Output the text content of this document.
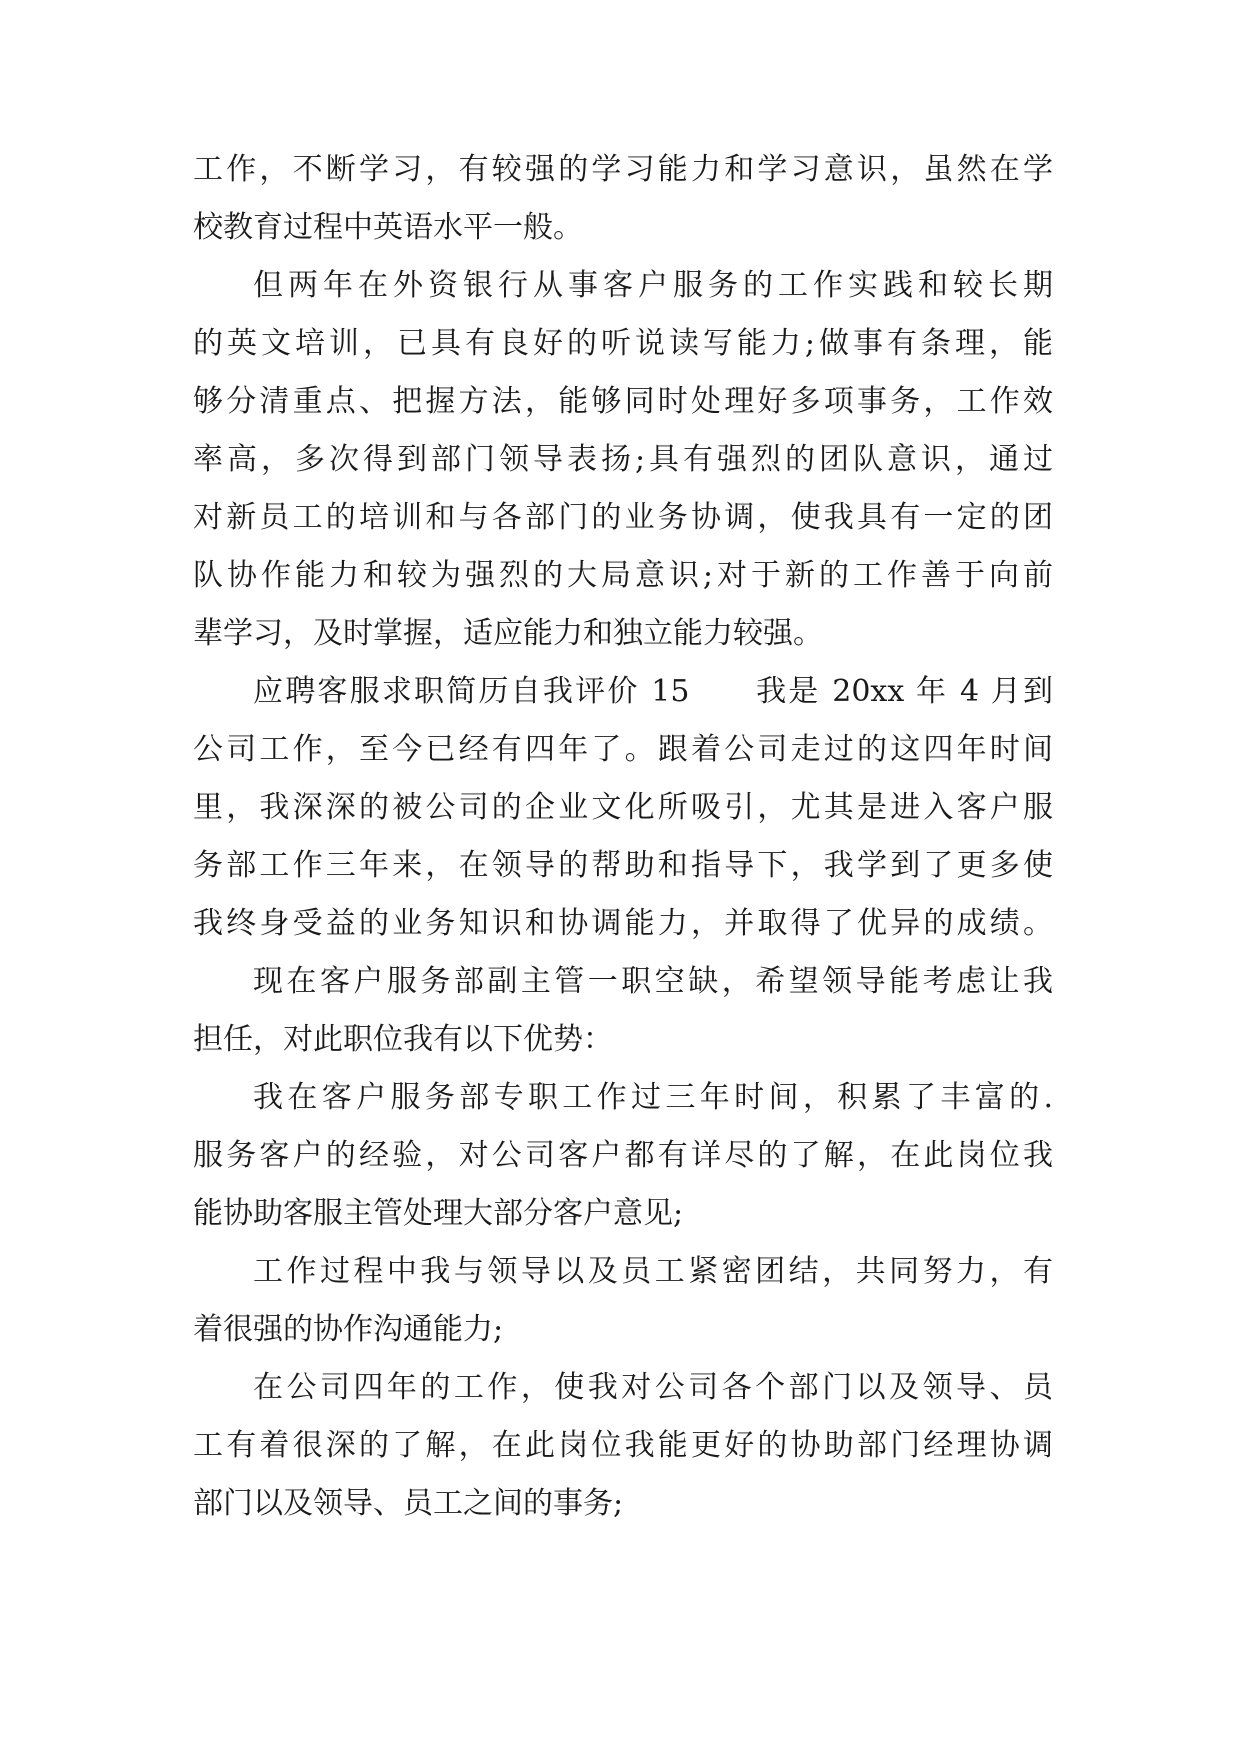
工作，不断学习，有较强的学习能力和学习意识，虽然在学
校教育过程中英语水平一般。
但两年在外资银行从事客户服务的工作实践和较长期
的英文培训，已具有良好的听说读写能力;做事有条理，能
够分清重点、把握方法，能够同时处理好多项事务，工作效
率高，多次得到部门领导表扬;具有强烈的团队意识，通过
对新员工的培训和与各部门的业务协调，使我具有一定的团
队协作能力和较为强烈的大局意识;对于新的工作善于向前
辈学习，及时掌握，适应能力和独立能力较强。
应聘客服求职简历自我评价 15　　我是 20xx 年 4 月到
公司工作，至今已经有四年了。跟着公司走过的这四年时间
里，我深深的被公司的企业文化所吸引，尤其是进入客户服
务部工作三年来，在领导的帮助和指导下，我学到了更多使
我终身受益的业务知识和协调能力，并取得了优异的成绩。
现在客户服务部副主管一职空缺，希望领导能考虑让我
担任，对此职位我有以下优势：
我在客户服务部专职工作过三年时间，积累了丰富的.
服务客户的经验，对公司客户都有详尽的了解，在此岗位我
能协助客服主管处理大部分客户意见;
工作过程中我与领导以及员工紧密团结，共同努力，有
着很强的协作沟通能力;
在公司四年的工作，使我对公司各个部门以及领导、员
工有着很深的了解，在此岗位我能更好的协助部门经理协调
部门以及领导、员工之间的事务;
